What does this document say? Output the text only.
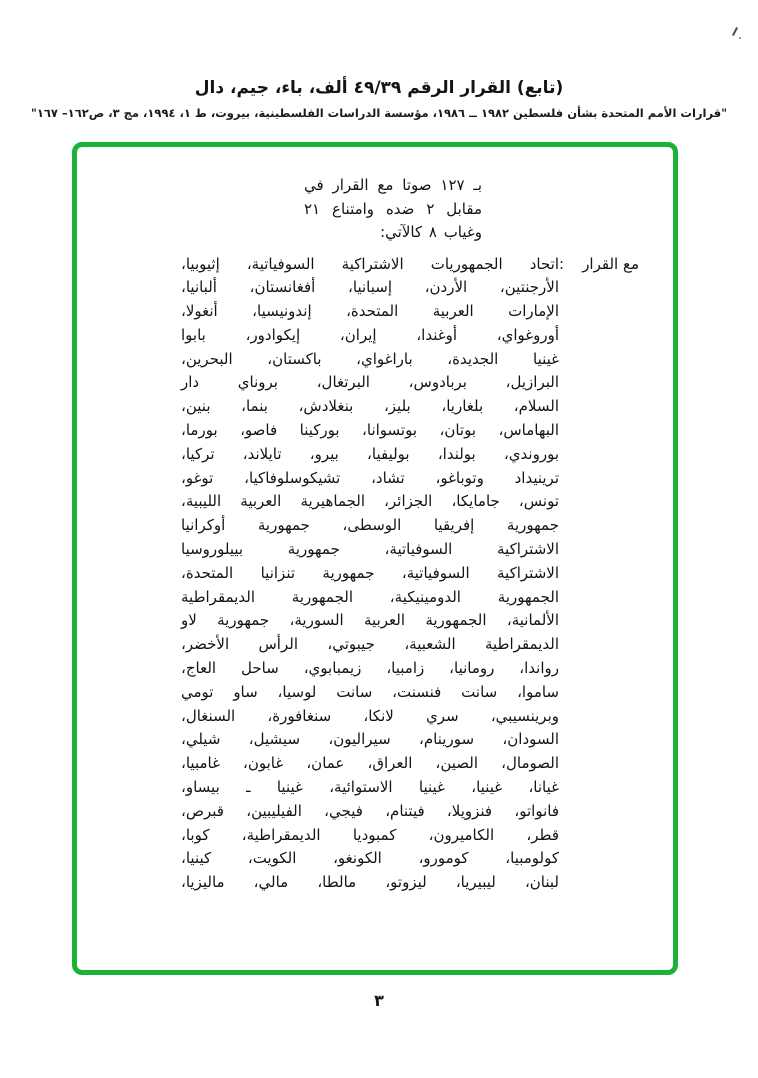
(تابع) القرار الرقم ٤٩/٣٩ ألف، باء، جيم، دال
"قرارات الأمم المتحدة بشأن فلسطين ١٩٨٢ ــ ١٩٨٦، مؤسسة الدراسات الفلسطينية، بيروت، ط ١، ١٩٩٤، مج ٣، ص١٦٢– ١٦٧"
بـ ١٢٧ صوتا مع القرار في
مقابل ٢ ضده وامتناع ٢١
وغياب ٨ كالآتي:
مع القرار
:
اتحاد الجمهوريات الاشتراكية السوفياتية، إثيوبيا،
الأرجنتين، الأردن، إسبانيا، أفغانستان، ألبانيا،
الإمارات العربية المتحدة، إندونيسيا، أنغولا،
أوروغواي، أوغندا، إيران، إيكوادور، بابوا
غينيا الجديدة، باراغواي، باكستان، البحرين،
البرازيل، بربادوس، البرتغال، بروناي دار
السلام، بلغاريا، بليز، بنغلادش، بنما، بنين،
البهاماس، بوتان، بوتسوانا، بوركينا فاصو، بورما،
بوروندي، بولندا، بوليفيا، بيرو، تايلاند، تركيا،
ترينيداد وتوباغو، تشاد، تشيكوسلوفاكيا، توغو،
تونس، جامايكا، الجزائر، الجماهيرية العربية الليبية،
جمهورية إفريقيا الوسطى، جمهورية أوكرانيا
الاشتراكية السوفياتية، جمهورية بييلوروسيا
الاشتراكية السوفياتية، جمهورية تنزانيا المتحدة،
الجمهورية الدومينيكية، الجمهورية الديمقراطية
الألمانية، الجمهورية العربية السورية، جمهورية لاو
الديمقراطية الشعبية، جيبوتي، الرأس الأخضر،
رواندا، رومانيا، زامبيا، زيمبابوي، ساحل العاج،
ساموا، سانت فنسنت، سانت لوسيا، ساو تومي
وبرينسيبي، سري لانكا، سنغافورة، السنغال،
السودان، سورينام، سيراليون، سيشيل، شيلي،
الصومال، الصين، العراق، عمان، غابون، غامبيا،
غيانا، غينيا، غينيا الاستوائية، غينيا ـ بيساو،
فانواتو، فنزويلا، فيتنام، فيجي، الفيليبين، قبرص،
قطر، الكاميرون، كمبوديا الديمقراطية، كوبا،
كولومبيا، كومورو، الكونغو، الكويت، كينيا،
لبنان، ليبيريا، ليزوتو، مالطا، مالي، ماليزيا،
٣
